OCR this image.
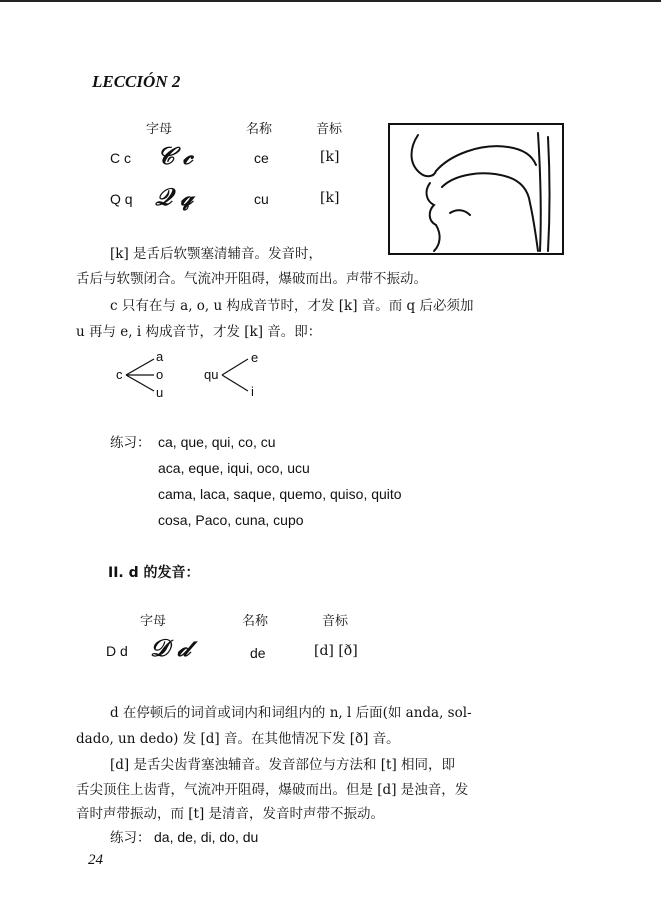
LECCIÓN 2
字母	名称	音标
C c 𝒞 𝒸	ce	[k]
Q q 𝒬 𝓆	cu	[k]
[k] 是舌后软颚塞清辅音。发音时，
舌后与软颚闭合。气流冲开阻碍，爆破而出。声带不振动。
c 只有在与 a, o, u 构成音节时，才发 [k] 音。而 q 后必须加
u 再与 e, i 构成音节，才发 [k] 音。即：
c
a
o
u
qu
e
i
练习： ca, que, qui, co, cu
aca, eque, iqui, oco, ucu
cama, laca, saque, quemo, quiso, quito
cosa, Paco, cuna, cupo
II. d 的发音：
字母	名称	音标
D d 𝒟 𝒹	de	[d] [ð]
d 在停顿后的词首或词内和词组内的 n, l 后面(如 anda, sol-
dado, un dedo) 发 [d] 音。在其他情况下发 [ð] 音。
[d] 是舌尖齿背塞浊辅音。发音部位与方法和 [t] 相同，即
舌尖顶住上齿背，气流冲开阻碍，爆破而出。但是 [d] 是浊音，发
音时声带振动，而 [t] 是清音，发音时声带不振动。
练习： da, de, di, do, du
24
